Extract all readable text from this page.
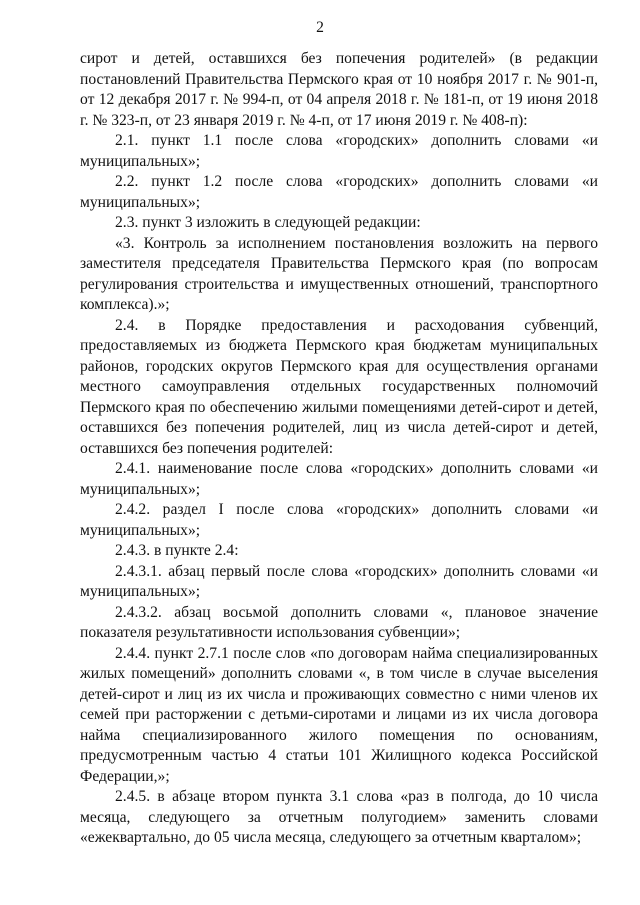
2

сирот и детей, оставшихся без попечения родителей» (в редакции постановлений Правительства Пермского края от 10 ноября 2017 г. № 901-п, от 12 декабря 2017 г. № 994-п, от 04 апреля 2018 г. № 181-п, от 19 июня 2018 г. № 323-п, от 23 января 2019 г. № 4-п, от 17 июня 2019 г. № 408-п):

2.1. пункт 1.1 после слова «городских» дополнить словами «и муниципальных»;

2.2. пункт 1.2 после слова «городских» дополнить словами «и муниципальных»;

2.3. пункт 3 изложить в следующей редакции:

«3. Контроль за исполнением постановления возложить на первого заместителя председателя Правительства Пермского края (по вопросам регулирования строительства и имущественных отношений, транспортного комплекса).»;

2.4. в Порядке предоставления и расходования субвенций, предоставляемых из бюджета Пермского края бюджетам муниципальных районов, городских округов Пермского края для осуществления органами местного самоуправления отдельных государственных полномочий Пермского края по обеспечению жилыми помещениями детей-сирот и детей, оставшихся без попечения родителей, лиц из числа детей-сирот и детей, оставшихся без попечения родителей:

2.4.1. наименование после слова «городских» дополнить словами «и муниципальных»;

2.4.2. раздел I после слова «городских» дополнить словами «и муниципальных»;

2.4.3. в пункте 2.4:

2.4.3.1. абзац первый после слова «городских» дополнить словами «и муниципальных»;

2.4.3.2. абзац восьмой дополнить словами «, плановое значение показателя результативности использования субвенции»;

2.4.4. пункт 2.7.1 после слов «по договорам найма специализированных жилых помещений» дополнить словами «, в том числе в случае выселения детей-сирот и лиц из их числа и проживающих совместно с ними членов их семей при расторжении с детьми-сиротами и лицами из их числа договора найма специализированного жилого помещения по основаниям, предусмотренным частью 4 статьи 101 Жилищного кодекса Российской Федерации,»;

2.4.5. в абзаце втором пункта 3.1 слова «раз в полгода, до 10 числа месяца, следующего за отчетным полугодием» заменить словами «ежеквартально, до 05 числа месяца, следующего за отчетным кварталом»;
